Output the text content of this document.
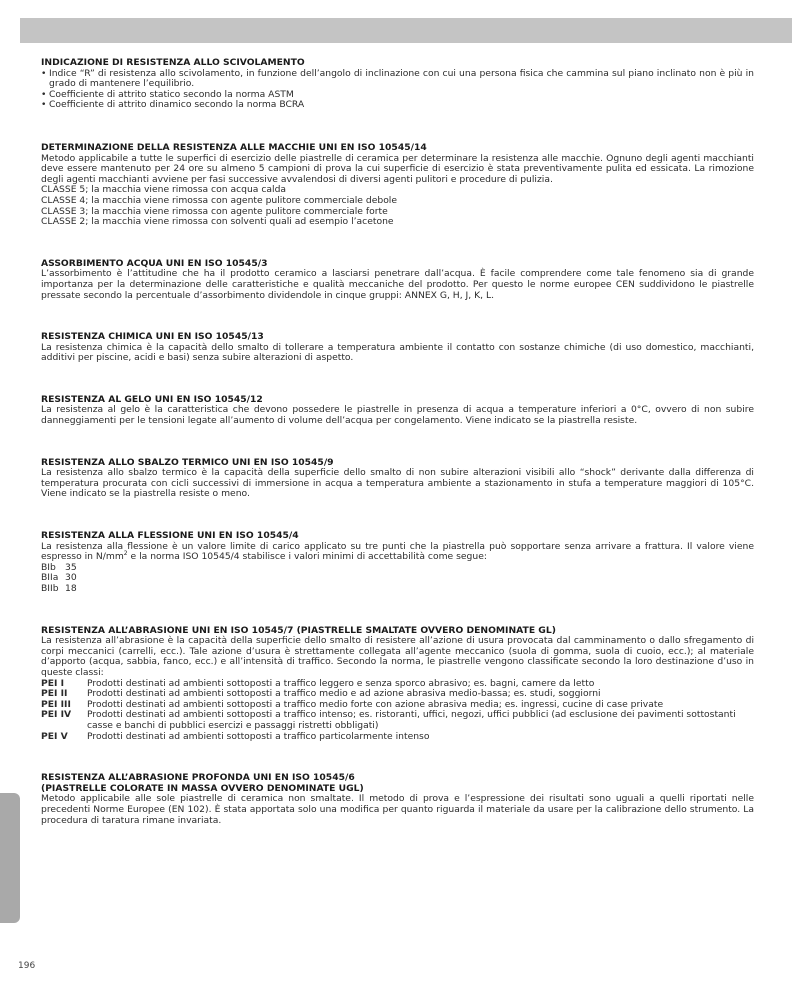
INDICAZIONE DI RESISTENZA ALLO SCIVOLAMENTO
• Indice “R” di resistenza allo scivolamento, in funzione dell’angolo di inclinazione con cui una persona fisica che cammina sul piano inclinato non è più in grado di mantenere l’equilibrio.
• Coefficiente di attrito statico secondo la norma ASTM
• Coefficiente di attrito dinamico secondo la norma BCRA
DETERMINAZIONE DELLA RESISTENZA ALLE MACCHIE UNI EN ISO 10545/14

Metodo applicabile a tutte le superfici di esercizio delle piastrelle di ceramica per determinare la resistenza alle macchie. Ognuno degli agenti macchianti deve essere mantenuto per 24 ore su almeno 5 campioni di prova la cui superficie di esercizio è stata preventivamente pulita ed essicata. La rimozione degli agenti macchianti avviene per fasi successive avvalendosi di diversi agenti pulitori e procedure di pulizia.

CLASSE 5; la macchia viene rimossa con acqua calda
CLASSE 4; la macchia viene rimossa con agente pulitore commerciale debole
CLASSE 3; la macchia viene rimossa con agente pulitore commerciale forte
CLASSE 2; la macchia viene rimossa con solventi quali ad esempio l’acetone
ASSORBIMENTO ACQUA UNI EN ISO 10545/3

L’assorbimento è l’attitudine che ha il prodotto ceramico a lasciarsi penetrare dall’acqua. È facile comprendere come tale fenomeno sia di grande importanza per la determinazione delle caratteristiche e qualità meccaniche del prodotto. Per questo le norme europee CEN suddividono le piastrelle pressate secondo la percentuale d’assorbimento dividendole in cinque gruppi: ANNEX G, H, J, K, L.

RESISTENZA CHIMICA UNI EN ISO 10545/13

La resistenza chimica è la capacità dello smalto di tollerare a temperatura ambiente il contatto con sostanze chimiche (di uso domestico, macchianti, additivi per piscine, acidi e basi) senza subire alterazioni di aspetto.

RESISTENZA AL GELO UNI EN ISO 10545/12

La resistenza al gelo è la caratteristica che devono possedere le piastrelle in presenza di acqua a temperature inferiori a 0°C, ovvero di non subire danneggiamenti per le tensioni legate all’aumento di volume dell’acqua per congelamento. Viene indicato se la piastrella resiste.

RESISTENZA ALLO SBALZO TERMICO UNI EN ISO 10545/9

La resistenza allo sbalzo termico è la capacità della superficie dello smalto di non subire alterazioni visibili allo “shock” derivante dalla differenza di temperatura procurata con cicli successivi di immersione in acqua a temperatura ambiente a stazionamento in stufa a temperature maggiori di 105°C. Viene indicato se la piastrella resiste o meno.

RESISTENZA ALLA FLESSIONE UNI EN ISO 10545/4

La resistenza alla flessione è un valore limite di carico applicato su tre punti che la piastrella può sopportare senza arrivare a frattura. Il valore viene espresso in $N/mm^2$ e la norma ISO 10545/4 stabilisce i valori minimi di accettabilità come segue:

BIb 35
BIIa 30
BIIb 18
RESISTENZA ALL’ABRASIONE UNI EN ISO 10545/7 (PIASTRELLE SMALTATE OVVERO DENOMINATE GL)

La resistenza all’abrasione è la capacità della superficie dello smalto di resistere all’azione di usura provocata dal camminamento o dallo sfregamento di corpi meccanici (carrelli, ecc.). Tale azione d’usura è strettamente collegata all’agente meccanico (suola di gomma, suola di cuoio, ecc.); al materiale d’apporto (acqua, sabbia, fanco, ecc.) e all’intensità di traffico. Secondo la norma, le piastrelle vengono classificate secondo la loro destinazione d’uso in queste classi:

PEI I	Prodotti destinati ad ambienti sottoposti a traffico leggero e senza sporco abrasivo; es. bagni, camere da letto
PEI II	Prodotti destinati ad ambienti sottoposti a traffico medio e ad azione abrasiva medio-bassa; es. studi, soggiorni
PEI III	Prodotti destinati ad ambienti sottoposti a traffico medio forte con azione abrasiva media; es. ingressi, cucine di case private
PEI IV	Prodotti destinati ad ambienti sottoposti a traffico intenso; es. ristoranti, uffici, negozi, uffici pubblici (ad esclusione dei pavimenti sottostanti casse e banchi di pubblici esercizi e passaggi ristretti obbligati)
PEI V	Prodotti destinati ad ambienti sottoposti a traffico particolarmente intenso
RESISTENZA ALL’ABRASIONE PROFONDA UNI EN ISO 10545/6
(PIASTRELLE COLORATE IN MASSA OVVERO DENOMINATE UGL)

Metodo applicabile alle sole piastrelle di ceramica non smaltate. Il metodo di prova e l’espressione dei risultati sono uguali a quelli riportati nelle precedenti Norme Europee (EN 102). È stata apportata solo una modifica per quanto riguarda il materiale da usare per la calibrazione dello strumento. La procedura di taratura rimane invariata.

196
